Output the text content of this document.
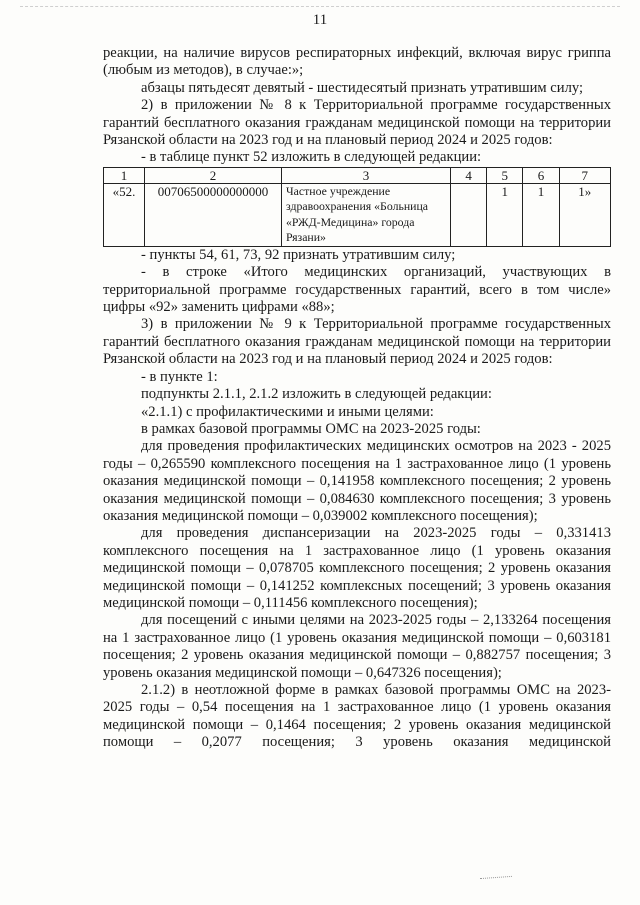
11

реакции, на наличие вирусов респираторных инфекций, включая вирус гриппа (любым из методов), в случае:»;

абзацы пятьдесят девятый - шестидесятый признать утратившим силу;

2) в приложении № 8 к Территориальной программе государственных гарантий бесплатного оказания гражданам медицинской помощи на территории Рязанской области на 2023 год и на плановый период 2024 и 2025 годов:

- в таблице пункт 52 изложить в следующей редакции:

1	2	3	4	5	6	7
«52.	00706500000000000	Частное учреждение здравоохранения «Больница «РЖД-Медицина» города Рязани»		1	1	1»

- пункты 54, 61, 73, 92 признать утратившим силу;

- в строке «Итого медицинских организаций, участвующих в территориальной программе государственных гарантий, всего в том числе» цифры «92» заменить цифрами «88»;

3) в приложении № 9 к Территориальной программе государственных гарантий бесплатного оказания гражданам медицинской помощи на территории Рязанской области на 2023 год и на плановый период 2024 и 2025 годов:

- в пункте 1:

подпункты 2.1.1, 2.1.2 изложить в следующей редакции:

«2.1.1) с профилактическими и иными целями:

в рамках базовой программы ОМС на 2023-2025 годы:

для проведения профилактических медицинских осмотров на 2023 - 2025 годы – 0,265590 комплексного посещения на 1 застрахованное лицо (1 уровень оказания медицинской помощи – 0,141958 комплексного посещения; 2 уровень оказания медицинской помощи – 0,084630 комплексного посещения; 3 уровень оказания медицинской помощи – 0,039002 комплексного посещения);

для проведения диспансеризации на 2023-2025 годы – 0,331413 комплексного посещения на 1 застрахованное лицо (1 уровень оказания медицинской помощи – 0,078705 комплексного посещения; 2 уровень оказания медицинской помощи – 0,141252 комплексных посещений; 3 уровень оказания медицинской помощи – 0,111456 комплексного посещения);

для посещений с иными целями на 2023-2025 годы – 2,133264 посещения на 1 застрахованное лицо (1 уровень оказания медицинской помощи – 0,603181 посещения; 2 уровень оказания медицинской помощи – 0,882757 посещения; 3 уровень оказания медицинской помощи – 0,647326 посещения);

2.1.2) в неотложной форме в рамках базовой программы ОМС на 2023-2025 годы – 0,54 посещения на 1 застрахованное лицо (1 уровень оказания медицинской помощи – 0,1464 посещения; 2 уровень оказания медицинской помощи – 0,2077 посещения; 3 уровень оказания медицинской
